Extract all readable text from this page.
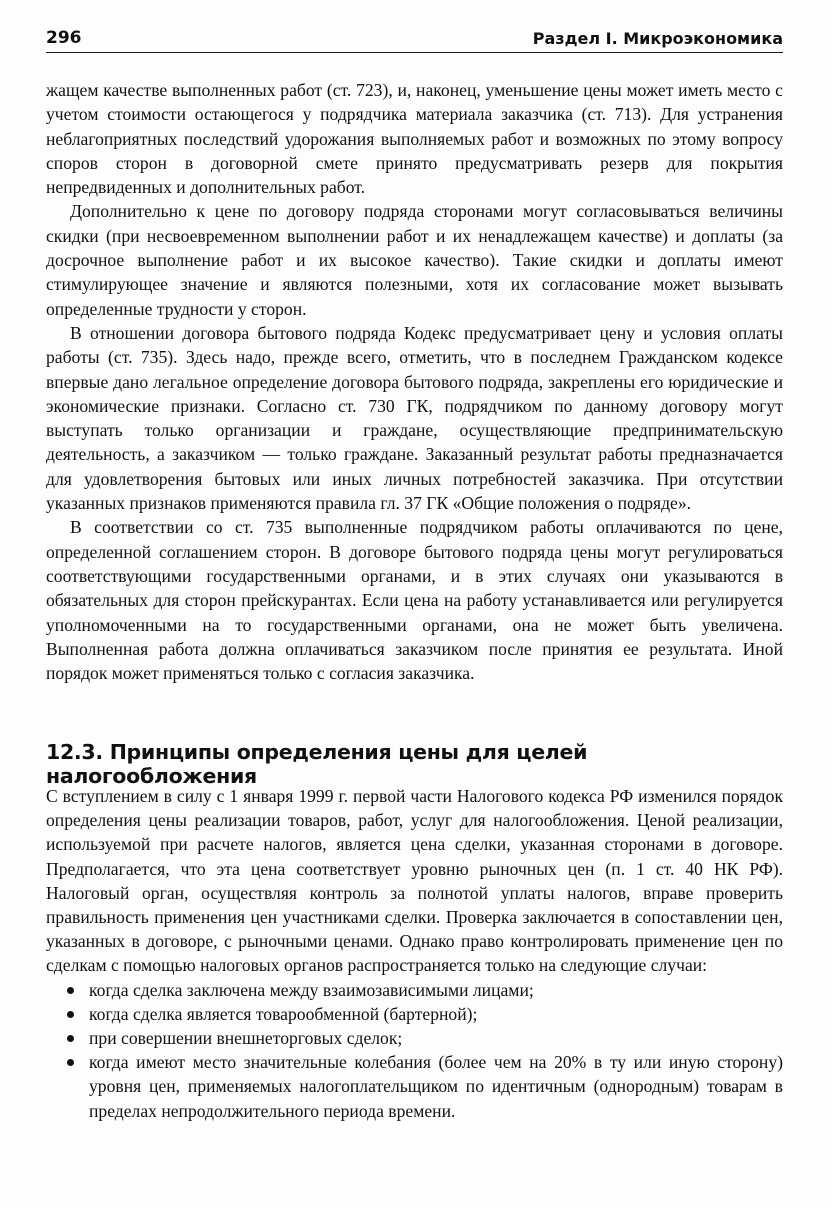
296	Раздел I. Микроэкономика

жащем качестве выполненных работ (ст. 723), и, наконец, уменьшение цены может иметь место с учетом стоимости остающегося у подрядчика материала заказчика (ст. 713). Для устранения неблагоприятных последствий удорожания выполняемых работ и возможных по этому вопросу споров сторон в договорной смете принято предусматривать резерв для покрытия непредвиденных и дополнительных работ.

Дополнительно к цене по договору подряда сторонами могут согласовываться величины скидки (при несвоевременном выполнении работ и их ненадлежащем качестве) и доплаты (за досрочное выполнение работ и их высокое качество). Такие скидки и доплаты имеют стимулирующее значение и являются полезными, хотя их согласование может вызывать определенные трудности у сторон.

В отношении договора бытового подряда Кодекс предусматривает цену и условия оплаты работы (ст. 735). Здесь надо, прежде всего, отметить, что в последнем Гражданском кодексе впервые дано легальное определение договора бытового подряда, закреплены его юридические и экономические признаки. Согласно ст. 730 ГК, подрядчиком по данному договору могут выступать только организации и граждане, осуществляющие предпринимательскую деятельность, а заказчиком — только граждане. Заказанный результат работы предназначается для удовлетворения бытовых или иных личных потребностей заказчика. При отсутствии указанных признаков применяются правила гл. 37 ГК «Общие положения о подряде».

В соответствии со ст. 735 выполненные подрядчиком работы оплачиваются по цене, определенной соглашением сторон. В договоре бытового подряда цены могут регулироваться соответствующими государственными органами, и в этих случаях они указываются в обязательных для сторон прейскурантах. Если цена на работу устанавливается или регулируется уполномоченными на то государственными органами, она не может быть увеличена. Выполненная работа должна оплачиваться заказчиком после принятия ее результата. Иной порядок может применяться только с согласия заказчика.

12.3. Принципы определения цены для целей налогообложения

С вступлением в силу с 1 января 1999 г. первой части Налогового кодекса РФ изменился порядок определения цены реализации товаров, работ, услуг для налогообложения. Ценой реализации, используемой при расчете налогов, является цена сделки, указанная сторонами в договоре. Предполагается, что эта цена соответствует уровню рыночных цен (п. 1 ст. 40 НК РФ). Налоговый орган, осуществляя контроль за полнотой уплаты налогов, вправе проверить правильность применения цен участниками сделки. Проверка заключается в сопоставлении цен, указанных в договоре, с рыночными ценами. Однако право контролировать применение цен по сделкам с помощью налоговых органов распространяется только на следующие случаи:

когда сделка заключена между взаимозависимыми лицами;
когда сделка является товарообменной (бартерной);
при совершении внешнеторговых сделок;
когда имеют место значительные колебания (более чем на 20% в ту или иную сторону) уровня цен, применяемых налогоплательщиком по идентичным (однородным) товарам в пределах непродолжительного периода времени.
